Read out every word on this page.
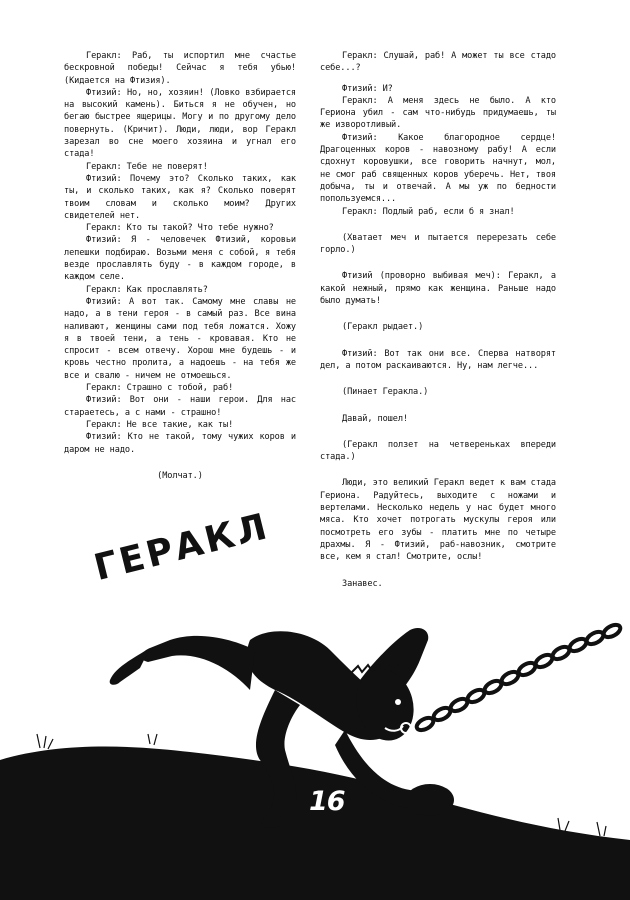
Геракл: Раб, ты испортил мне счастье бескровной победы! Сейчас я тебя убью! (Кидается на Фтизия).

Фтизий: Но, но, хозяин! (Ловко взбирается на высокий камень). Биться я не обучен, но бегаю быстрее ящерицы. Могу и по другому дело повернуть. (Кричит). Люди, люди, вор Геракл зарезал во сне моего хозяина и угнал его стада!

Геракл: Тебе не поверят!

Фтизий: Почему это? Сколько таких, как ты, и сколько таких, как я? Сколько поверят твоим словам и сколько моим? Других свидетелей нет.

Геракл: Кто ты такой? Что тебе нужно?

Фтизий: Я - человечек Фтизий, коровьи лепешки подбираю. Возьми меня с собой, я тебя везде прославлять буду - в каждом городе, в каждом селе.

Геракл: Как прославлять?

Фтизий: А вот так. Самому мне славы не надо, а в тени героя - в самый раз. Все вина наливают, женщины сами под тебя ложатся. Хожу я в твоей тени, а тень - кровавая. Кто не спросит - всем отвечу. Хорош мне будешь - и кровь честно пролита, а надоешь - на тебя же все и свалю - ничем не отмоешься.

Геракл: Страшно с тобой, раб!

Фтизий: Вот они - наши герои. Для нас стараетесь, а с нами - страшно!

Геракл: Не все такие, как ты!

Фтизий: Кто не такой, тому чужих коров и даром не надо.

(Молчат.)

Геракл: Слушай, раб! А может ты все стадо себе...?

Фтизий: И?

Геракл: А меня здесь не было. А кто Гериона убил - сам что-нибудь придумаешь, ты же изворотливый.

Фтизий: Какое благородное сердце! Драгоценных коров - навозному рабу! А если сдохнут коровушки, все говорить начнут, мол, не смог раб священных коров уберечь. Нет, твоя добыча, ты и отвечай. А мы уж по бедности попользуемся...

Геракл: Подлый раб, если б я знал!

(Хватает меч и пытается перерезать себе горло.)

Фтизий (проворно выбивая меч): Геракл, а какой нежный, прямо как женщина. Раньше надо было думать!

(Геракл рыдает.)

Фтизий: Вот так они все. Сперва натворят дел, а потом раскаиваются. Ну, нам легче...

(Пинает Геракла.)

Давай, пошел!

(Геракл ползет на четвереньках впереди стада.)

Люди, это великий Геракл ведет к вам стада Гериона. Радуйтесь, выходите с ножами и вертелами. Несколько недель у нас будет много мяса. Кто хочет потрогать мускулы героя или посмотреть его зубы - платить мне по четыре драхмы. Я - Фтизий, раб-навозник, смотрите все, кем я стал! Смотрите, ослы!

Занавес.

ГЕРАКЛ
16
